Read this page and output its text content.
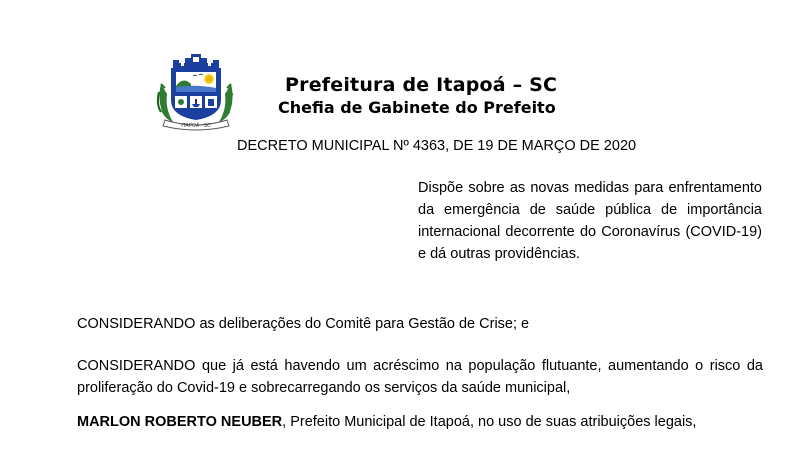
ITAPOÁ · SC
Prefeitura de Itapoá – SC
Chefia de Gabinete do Prefeito
DECRETO MUNICIPAL Nº 4363, DE 19 DE MARÇO DE 2020
Dispõe sobre as novas medidas para enfrentamento da emergência de saúde pública de importância internacional decorrente do Coronavírus (COVID-19) e dá outras providências.
CONSIDERANDO as deliberações do Comitê para Gestão de Crise; e
CONSIDERANDO que já está havendo um acréscimo na população flutuante, aumentando o risco da proliferação do Covid-19 e sobrecarregando os serviços da saúde municipal,
MARLON ROBERTO NEUBER, Prefeito Municipal de Itapoá, no uso de suas atribuições legais,
